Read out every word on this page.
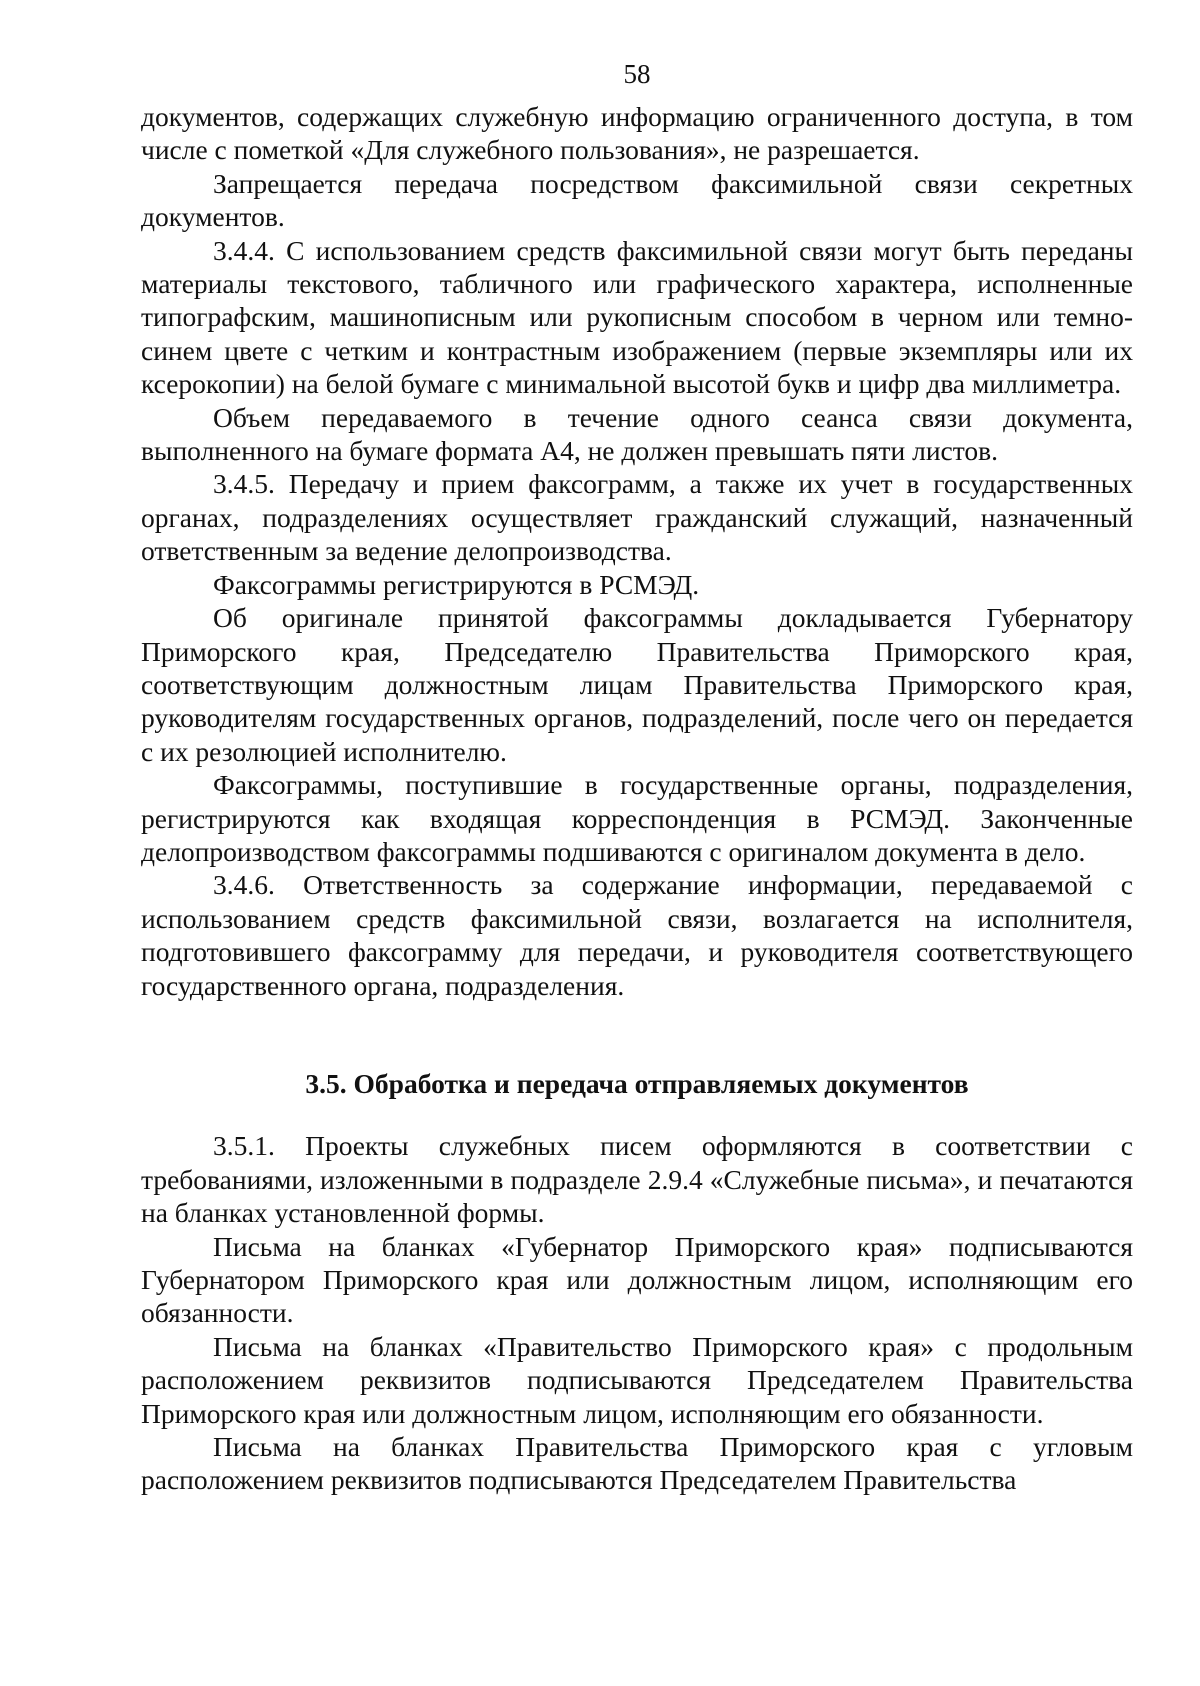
58

документов, содержащих служебную информацию ограниченного доступа, в том числе с пометкой «Для служебного пользования», не разрешается.

Запрещается передача посредством факсимильной связи секретных документов.

3.4.4. С использованием средств факсимильной связи могут быть переданы материалы текстового, табличного или графического характера, исполненные типографским, машинописным или рукописным способом в черном или темно-синем цвете с четким и контрастным изображением (первые экземпляры или их ксерокопии) на белой бумаге с минимальной высотой букв и цифр два миллиметра.

Объем передаваемого в течение одного сеанса связи документа, выполненного на бумаге формата А4, не должен превышать пяти листов.

3.4.5. Передачу и прием факсограмм, а также их учет в государственных органах, подразделениях осуществляет гражданский служащий, назначенный ответственным за ведение делопроизводства.

Факсограммы регистрируются в РСМЭД.

Об оригинале принятой факсограммы докладывается Губернатору Приморского края, Председателю Правительства Приморского края, соответствующим должностным лицам Правительства Приморского края, руководителям государственных органов, подразделений, после чего он передается с их резолюцией исполнителю.

Факсограммы, поступившие в государственные органы, подразделения, регистрируются как входящая корреспонденция в РСМЭД. Законченные делопроизводством факсограммы подшиваются с оригиналом документа в дело.

3.4.6. Ответственность за содержание информации, передаваемой с использованием средств факсимильной связи, возлагается на исполнителя, подготовившего факсограмму для передачи, и руководителя соответствующего государственного органа, подразделения.

3.5. Обработка и передача отправляемых документов

3.5.1. Проекты служебных писем оформляются в соответствии с требованиями, изложенными в подразделе 2.9.4 «Служебные письма», и печатаются на бланках установленной формы.

Письма на бланках «Губернатор Приморского края» подписываются Губернатором Приморского края или должностным лицом, исполняющим его обязанности.

Письма на бланках «Правительство Приморского края» с продольным расположением реквизитов подписываются Председателем Правительства Приморского края или должностным лицом, исполняющим его обязанности.

Письма на бланках Правительства Приморского края с угловым расположением реквизитов подписываются Председателем Правительства
